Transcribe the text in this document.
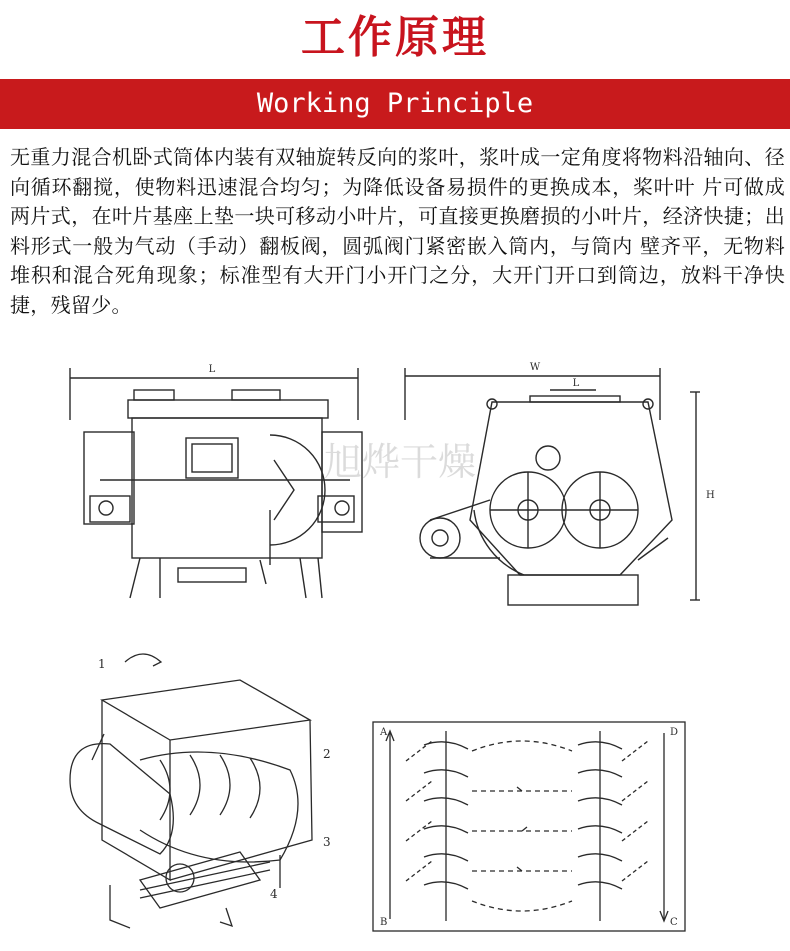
工作原理
Working Principle
无重力混合机卧式筒体内装有双轴旋转反向的浆叶，浆叶成一定角度将物料沿轴向、径向循环翻搅，使物料迅速混合均匀；为降低设备易损件的更换成本，桨叶叶 片可做成两片式，在叶片基座上垫一块可移动小叶片，可直接更换磨损的小叶片，经济快捷；出料形式一般为气动（手动）翻板阀，圆弧阀门紧密嵌入筒内，与筒内 壁齐平，无物料堆积和混合死角现象；标准型有大开门小开门之分，大开门开口到筒边，放料干净快捷，残留少。
L	W
L
H
旭烨干燥
1
2
3
4
A
B	C
D
